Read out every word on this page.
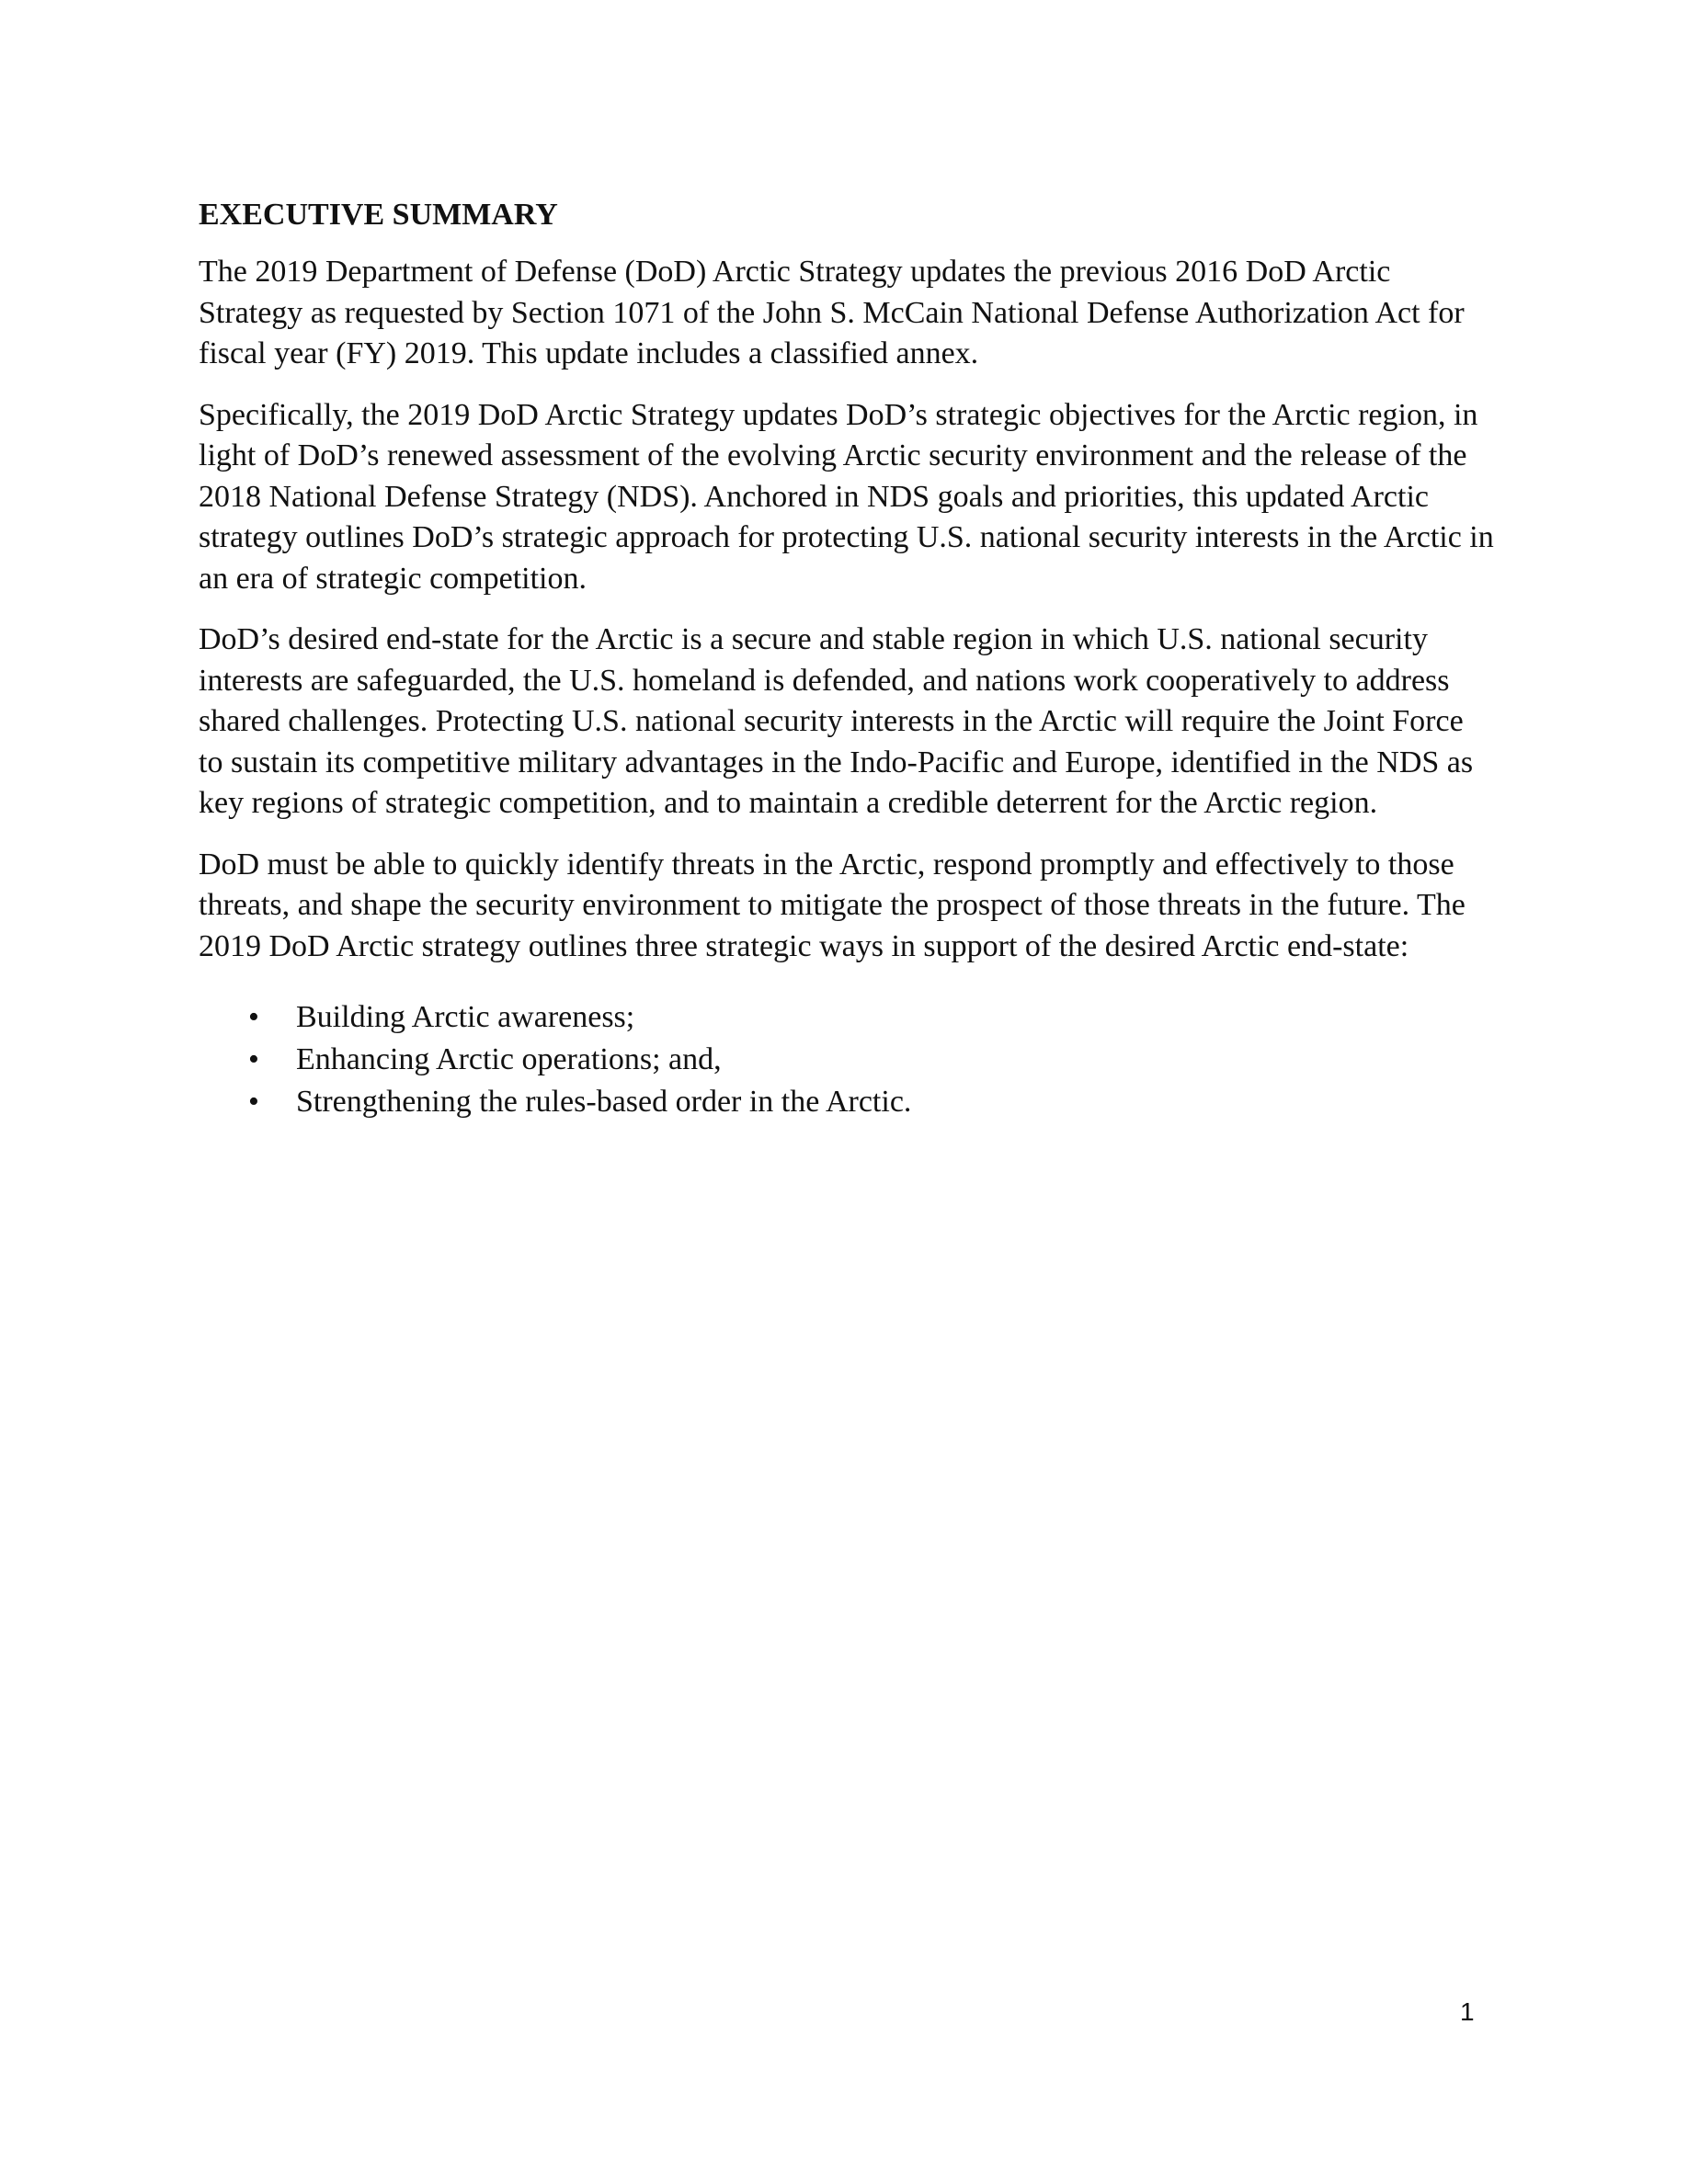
EXECUTIVE SUMMARY

The 2019 Department of Defense (DoD) Arctic Strategy updates the previous 2016 DoD Arctic Strategy as requested by Section 1071 of the John S. McCain National Defense Authorization Act for fiscal year (FY) 2019. This update includes a classified annex.

Specifically, the 2019 DoD Arctic Strategy updates DoD’s strategic objectives for the Arctic region, in light of DoD’s renewed assessment of the evolving Arctic security environment and the release of the 2018 National Defense Strategy (NDS). Anchored in NDS goals and priorities, this updated Arctic strategy outlines DoD’s strategic approach for protecting U.S. national security interests in the Arctic in an era of strategic competition.

DoD’s desired end-state for the Arctic is a secure and stable region in which U.S. national security interests are safeguarded, the U.S. homeland is defended, and nations work cooperatively to address shared challenges. Protecting U.S. national security interests in the Arctic will require the Joint Force to sustain its competitive military advantages in the Indo-Pacific and Europe, identified in the NDS as key regions of strategic competition, and to maintain a credible deterrent for the Arctic region.

DoD must be able to quickly identify threats in the Arctic, respond promptly and effectively to those threats, and shape the security environment to mitigate the prospect of those threats in the future. The 2019 DoD Arctic strategy outlines three strategic ways in support of the desired Arctic end-state:

• Building Arctic awareness;
• Enhancing Arctic operations; and,
• Strengthening the rules-based order in the Arctic.
1
